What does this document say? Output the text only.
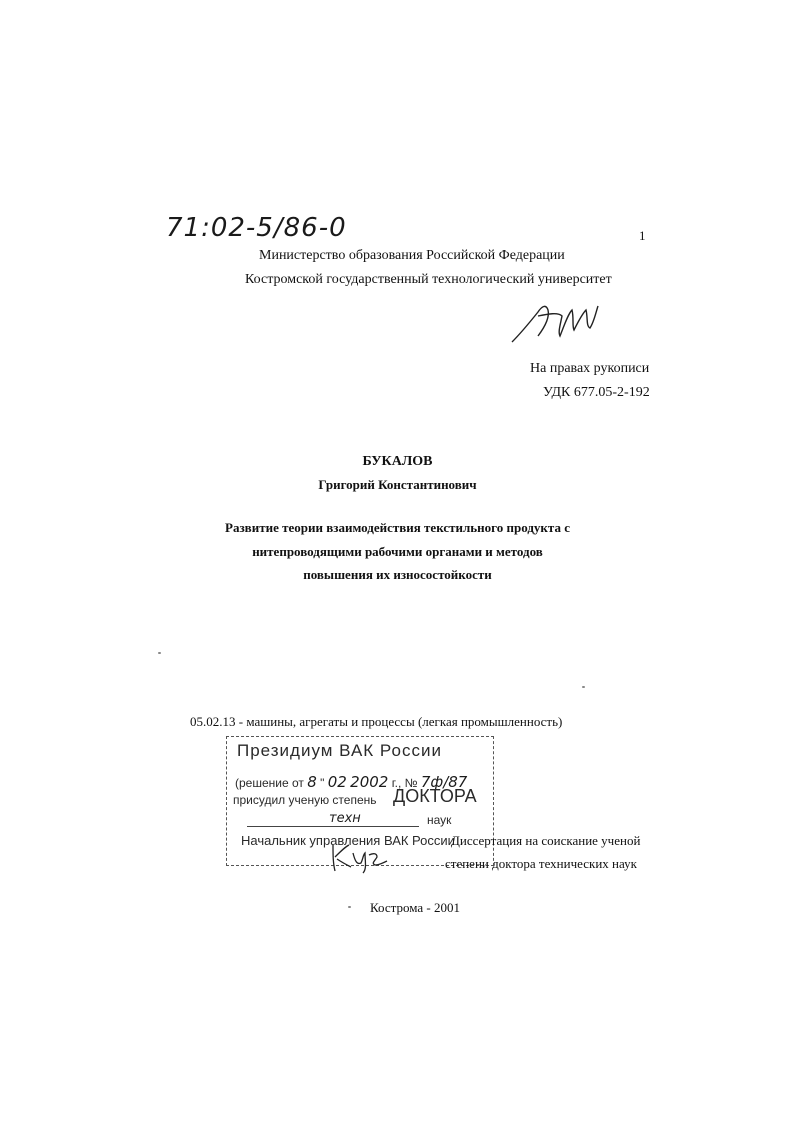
71:02-5/86-0	1
Министерство образования Российской Федерации
Костромской государственный технологический университет
На правах рукописи
УДК 677.05-2-192
БУКАЛОВ
Григорий Константинович
Развитие теории взаимодействия текстильного продукта с
нитепроводящими рабочими органами и методов
повышения их износостойкости
05.02.13 - машины, агрегаты и процессы (легкая промышленность)
Президиум ВАК России
(решение от 8 " 02 2002 г., № 7ф/87
присудил ученую степень ДОКТОРА
техн	наук
Начальник управления ВАК России
Диссертация на соискание ученой
степени доктора технических наук
Кострома - 2001
